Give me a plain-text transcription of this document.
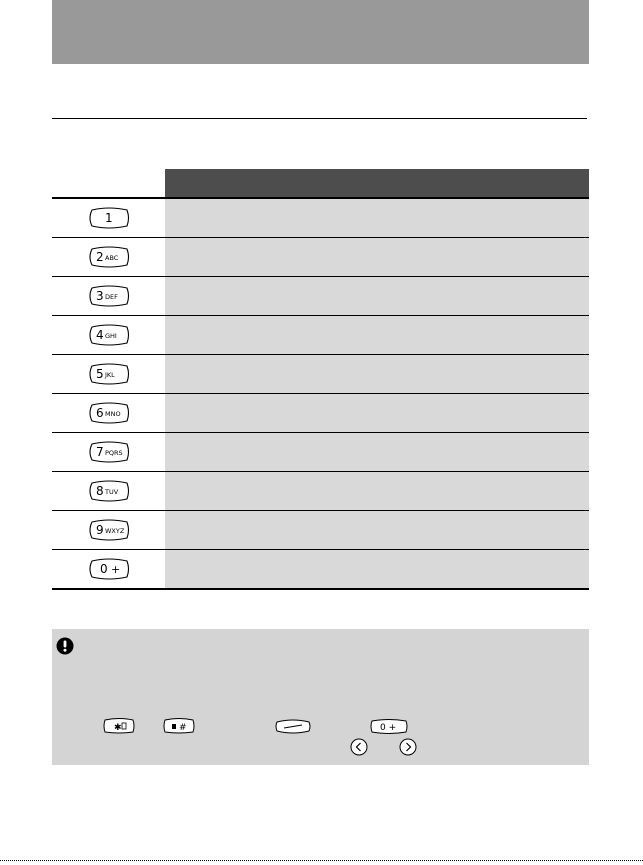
1
2 ABC
3 DEF
4 GHI
5 JKL
6 MNO
7 PQRS
8 TUV
9 WXYZ
0 +
✱	#	0 +
